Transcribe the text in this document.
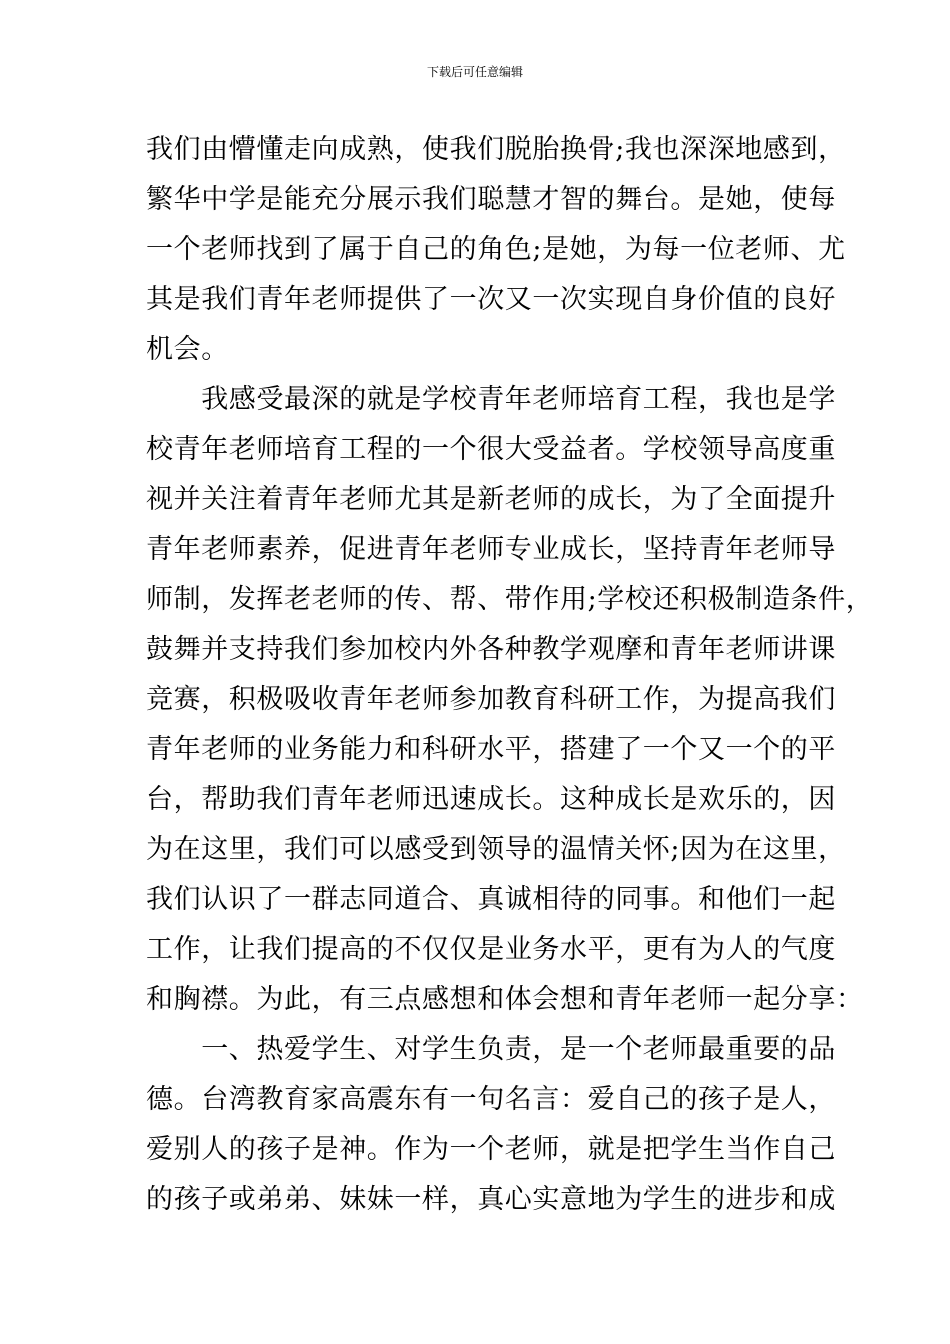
下载后可任意编辑
我们由懵懂走向成熟，使我们脱胎换骨;我也深深地感到，
繁华中学是能充分展示我们聪慧才智的舞台。是她，使每
一个老师找到了属于自己的角色;是她，为每一位老师、尤
其是我们青年老师提供了一次又一次实现自身价值的良好
机会。
　　我感受最深的就是学校青年老师培育工程，我也是学
校青年老师培育工程的一个很大受益者。学校领导高度重
视并关注着青年老师尤其是新老师的成长，为了全面提升
青年老师素养，促进青年老师专业成长，坚持青年老师导
师制，发挥老老师的传、帮、带作用;学校还积极制造条件，
鼓舞并支持我们参加校内外各种教学观摩和青年老师讲课
竞赛，积极吸收青年老师参加教育科研工作，为提高我们
青年老师的业务能力和科研水平，搭建了一个又一个的平
台，帮助我们青年老师迅速成长。这种成长是欢乐的，因
为在这里，我们可以感受到领导的温情关怀;因为在这里，
我们认识了一群志同道合、真诚相待的同事。和他们一起
工作，让我们提高的不仅仅是业务水平，更有为人的气度
和胸襟。为此，有三点感想和体会想和青年老师一起分享：
　　一、热爱学生、对学生负责，是一个老师最重要的品
德。台湾教育家高震东有一句名言：爱自己的孩子是人，
爱别人的孩子是神。作为一个老师，就是把学生当作自己
的孩子或弟弟、妹妹一样，真心实意地为学生的进步和成
